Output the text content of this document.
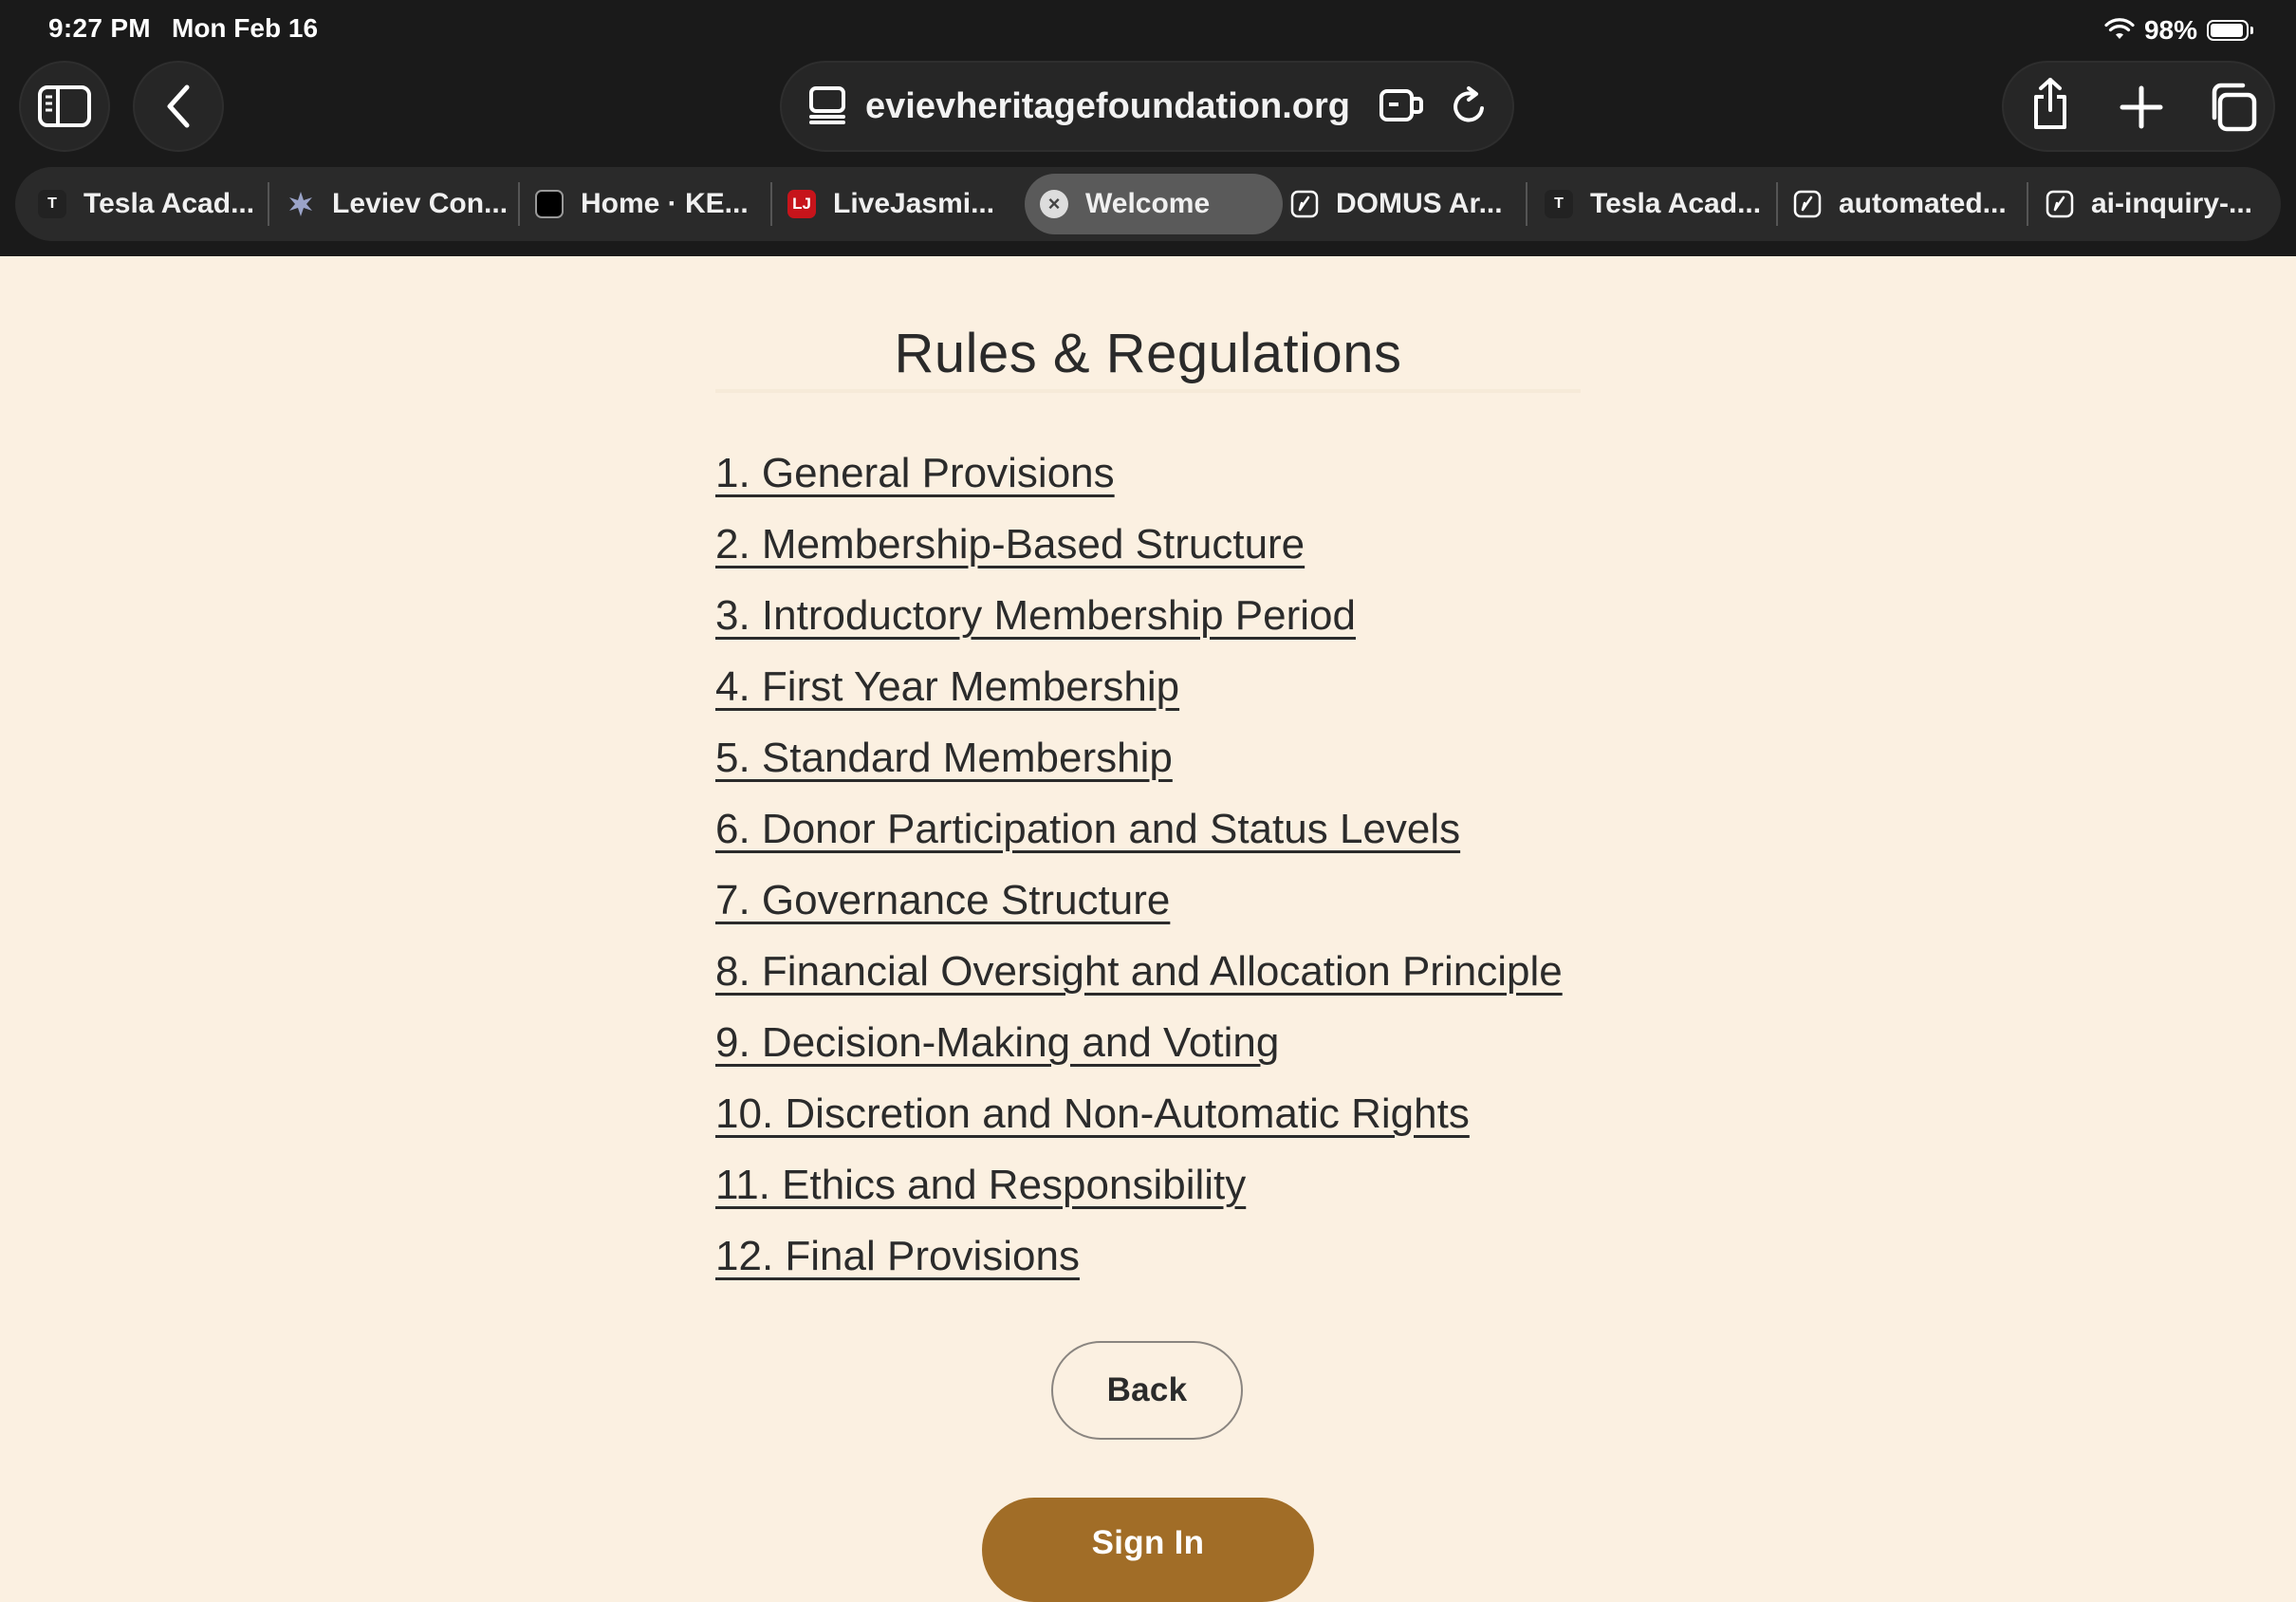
9:27 PM Mon Feb 16	98%
evievheritagefoundation.org
T Tesla Acad...	Leviev Con...	Home · KE...	LJ LiveJasmi...	× Welcome	DOMUS Ar...	T Tesla Acad...	automated...	ai-inquiry-...
Rules & Regulations
1. General Provisions
2. Membership-Based Structure
3. Introductory Membership Period
4. First Year Membership
5. Standard Membership
6. Donor Participation and Status Levels
7. Governance Structure
8. Financial Oversight and Allocation Principle
9. Decision-Making and Voting
10. Discretion and Non-Automatic Rights
11. Ethics and Responsibility
12. Final Provisions
Back
Sign In
